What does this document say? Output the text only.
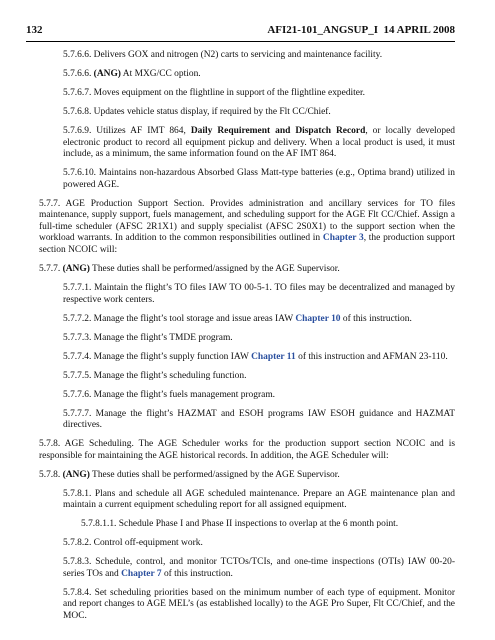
132	AFI21-101_ANGSUP_I 14 APRIL 2008

5.7.6.6. Delivers GOX and nitrogen (N2) carts to servicing and maintenance facility.

5.7.6.6. (ANG) At MXG/CC option.

5.7.6.7. Moves equipment on the flightline in support of the flightline expediter.

5.7.6.8. Updates vehicle status display, if required by the Flt CC/Chief.

5.7.6.9. Utilizes AF IMT 864, Daily Requirement and Dispatch Record, or locally developed electronic product to record all equipment pickup and delivery. When a local product is used, it must include, as a minimum, the same information found on the AF IMT 864.

5.7.6.10. Maintains non-hazardous Absorbed Glass Matt-type batteries (e.g., Optima brand) utilized in powered AGE.

5.7.7. AGE Production Support Section. Provides administration and ancillary services for TO files maintenance, supply support, fuels management, and scheduling support for the AGE Flt CC/Chief. Assign a full-time scheduler (AFSC 2R1X1) and supply specialist (AFSC 2S0X1) to the support section when the workload warrants. In addition to the common responsibilities outlined in Chapter 3, the production support section NCOIC will:

5.7.7. (ANG) These duties shall be performed/assigned by the AGE Supervisor.

5.7.7.1. Maintain the flight’s TO files IAW TO 00-5-1. TO files may be decentralized and managed by respective work centers.

5.7.7.2. Manage the flight’s tool storage and issue areas IAW Chapter 10 of this instruction.

5.7.7.3. Manage the flight’s TMDE program.

5.7.7.4. Manage the flight’s supply function IAW Chapter 11 of this instruction and AFMAN 23-110.

5.7.7.5. Manage the flight’s scheduling function.

5.7.7.6. Manage the flight’s fuels management program.

5.7.7.7. Manage the flight’s HAZMAT and ESOH programs IAW ESOH guidance and HAZMAT directives.

5.7.8. AGE Scheduling. The AGE Scheduler works for the production support section NCOIC and is responsible for maintaining the AGE historical records. In addition, the AGE Scheduler will:

5.7.8. (ANG) These duties shall be performed/assigned by the AGE Supervisor.

5.7.8.1. Plans and schedule all AGE scheduled maintenance. Prepare an AGE maintenance plan and maintain a current equipment scheduling report for all assigned equipment.

5.7.8.1.1. Schedule Phase I and Phase II inspections to overlap at the 6 month point.

5.7.8.2. Control off-equipment work.

5.7.8.3. Schedule, control, and monitor TCTOs/TCIs, and one-time inspections (OTIs) IAW 00-20-series TOs and Chapter 7 of this instruction.

5.7.8.4. Set scheduling priorities based on the minimum number of each type of equipment. Monitor and report changes to AGE MEL’s (as established locally) to the AGE Pro Super, Flt CC/Chief, and the MOC.
